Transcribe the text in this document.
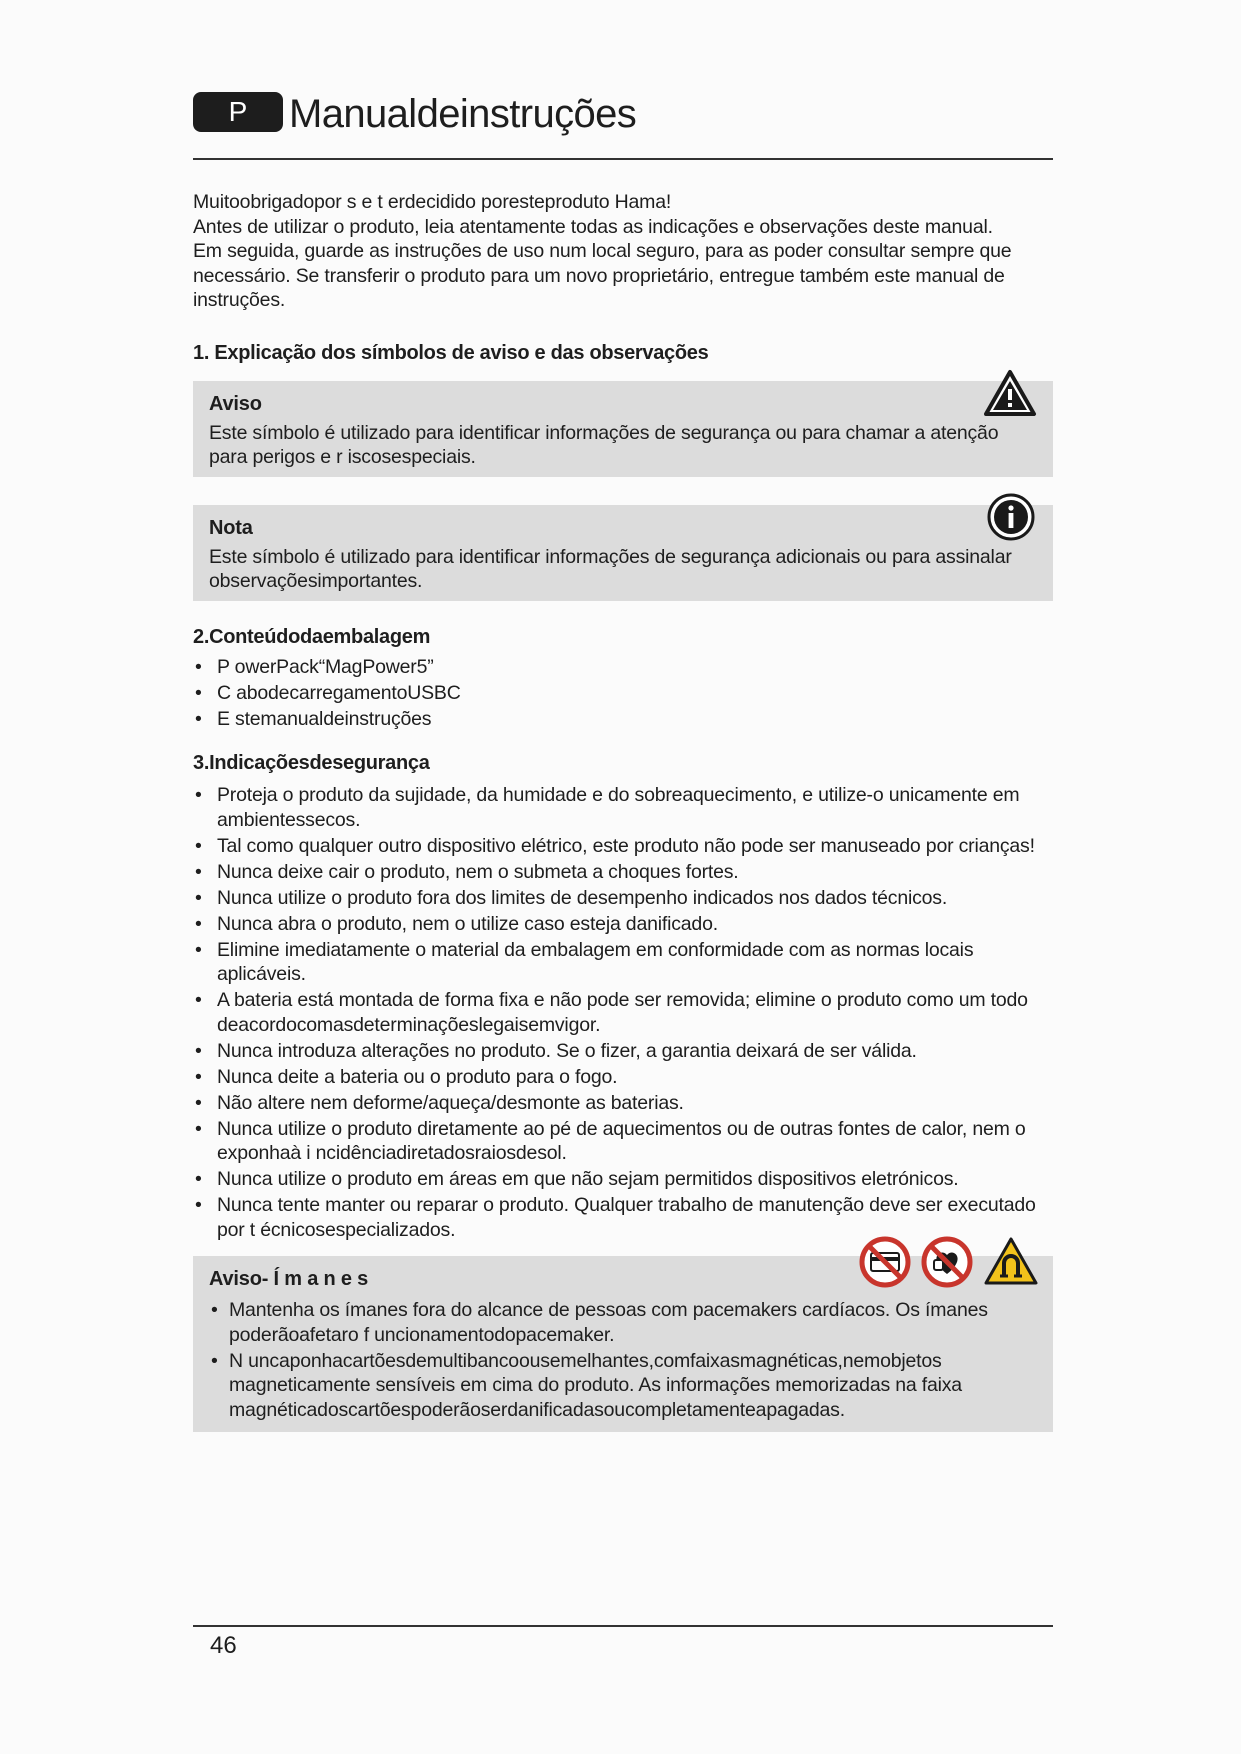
P	Manualdeinstruções

Muitoobrigadopor s e t erdecidido poresteproduto Hama!

Antes de utilizar o produto, leia atentamente todas as indicações e observações deste manual.

Em seguida, guarde as instruções de uso num local seguro, para as poder consultar sempre que necessário. Se transferir o produto para um novo proprietário, entregue também este manual de instruções.

1. Explicação dos símbolos de aviso e das observações
Aviso
Este símbolo é utilizado para identificar informações de segurança ou para chamar a atenção para perigos e r iscosespeciais.
Nota
Este símbolo é utilizado para identificar informações de segurança adicionais ou para assinalar observaçõesimportantes.
2.Conteúdodaembalagem
• P owerPack“MagPower5”
• C abodecarregamentoUSBC
• E stemanualdeinstruções
3.Indicaçõesdesegurança
• Proteja o produto da sujidade, da humidade e do sobreaquecimento, e utilize-o unicamente em ambientessecos.
• Tal como qualquer outro dispositivo elétrico, este produto não pode ser manuseado por crianças!
• Nunca deixe cair o produto, nem o submeta a choques fortes.
• Nunca utilize o produto fora dos limites de desempenho indicados nos dados técnicos.
• Nunca abra o produto, nem o utilize caso esteja danificado.
• Elimine imediatamente o material da embalagem em conformidade com as normas locais aplicáveis.
• A bateria está montada de forma fixa e não pode ser removida; elimine o produto como um todo deacordocomasdeterminaçõeslegaisemvigor.
• Nunca introduza alterações no produto. Se o fizer, a garantia deixará de ser válida.
• Nunca deite a bateria ou o produto para o fogo.
• Não altere nem deforme/aqueça/desmonte as baterias.
• Nunca utilize o produto diretamente ao pé de aquecimentos ou de outras fontes de calor, nem o exponhaà i ncidênciadiretadosraiosdesol.
• Nunca utilize o produto em áreas em que não sejam permitidos dispositivos eletrónicos.
• Nunca tente manter ou reparar o produto. Qualquer trabalho de manutenção deve ser executado por t écnicosespecializados.
Aviso- Í m a n e s
• Mantenha os ímanes fora do alcance de pessoas com pacemakers cardíacos. Os ímanes poderãoafetaro f uncionamentodopacemaker.
• N uncaponhacartõesdemultibancoousemelhantes,comfaixasmagnéticas,nemobjetos magneticamente sensíveis em cima do produto. As informações memorizadas na faixa magnéticadoscartõespoderãoserdanificadasoucompletamenteapagadas.
46
